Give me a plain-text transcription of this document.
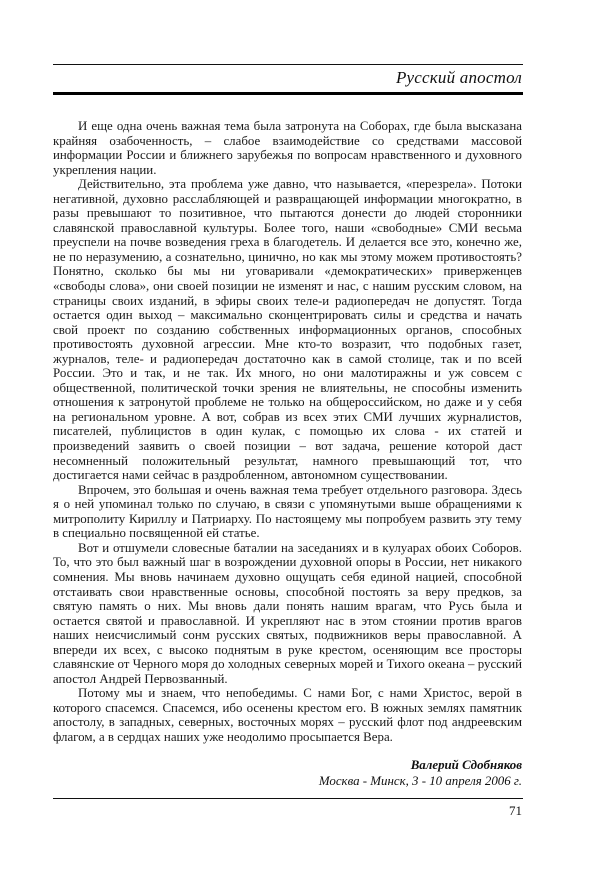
Русский апостол

И еще одна очень важная тема была затронута на Соборах, где была высказана крайняя озабоченность, – слабое взаимодействие со средствами массовой информации России и ближнего зарубежья по вопросам нравственного и духовного укрепления нации.

Действительно, эта проблема уже давно, что называется, «перезрела». Потоки негативной, духовно расслабляющей и развращающей информации многократно, в разы превышают то позитивное, что пытаются донести до людей сторонники славянской православной культуры. Более того, наши «свободные» СМИ весьма преуспели на почве возведения греха в благодетель. И делается все это, конечно же, не по неразумению, а сознательно, цинично, но как мы этому можем противостоять? Понятно, сколько бы мы ни уговаривали «демократических» приверженцев «свободы слова», они своей позиции не изменят и нас, с нашим русским словом, на страницы своих изданий, в эфиры своих теле-и радиопередач не допустят. Тогда остается один выход – максимально сконцентрировать силы и средства и начать свой проект по созданию собственных информационных органов, способных противостоять духовной агрессии. Мне кто-то возразит, что подобных газет, журналов, теле- и радиопередач достаточно как в самой столице, так и по всей России. Это и так, и не так. Их много, но они малотиражны и уж совсем с общественной, политической точки зрения не влиятельны, не способны изменить отношения к затронутой проблеме не только на общероссийском, но даже и у себя на региональном уровне. А вот, собрав из всех этих СМИ лучших журналистов, писателей, публицистов в один кулак, с помощью их слова - их статей и произведений заявить о своей позиции – вот задача, решение которой даст несомненный положительный результат, намного превышающий тот, что достигается нами сейчас в раздробленном, автономном существовании.

Впрочем, это большая и очень важная тема требует отдельного разговора. Здесь я о ней упоминал только по случаю, в связи с упомянутыми выше обращениями к митрополиту Кириллу и Патриарху. По настоящему мы попробуем развить эту тему в специально посвященной ей статье.

Вот и отшумели словесные баталии на заседаниях и в кулуарах обоих Соборов. То, что это был важный шаг в возрождении духовной опоры в России, нет никакого сомнения. Мы вновь начинаем духовно ощущать себя единой нацией, способной отстаивать свои нравственные основы, способной постоять за веру предков, за святую память о них. Мы вновь дали понять нашим врагам, что Русь была и остается святой и православной. И укрепляют нас в этом стоянии против врагов наших неисчислимый сонм русских святых, подвижников веры православной. А впереди их всех, с высоко поднятым в руке крестом, осеняющим все просторы славянские от Черного моря до холодных северных морей и Тихого океана – русский апостол Андрей Первозванный.

Потому мы и знаем, что непобедимы. С нами Бог, с нами Христос, верой в которого спасемся. Спасемся, ибо осенены крестом его. В южных землях памятник апостолу, в западных, северных, восточных морях – русский флот под андреевским флагом, а в сердцах наших уже неодолимо просыпается Вера.

Валерий Сдобняков
Москва - Минск, 3 - 10 апреля 2006 г.
71
